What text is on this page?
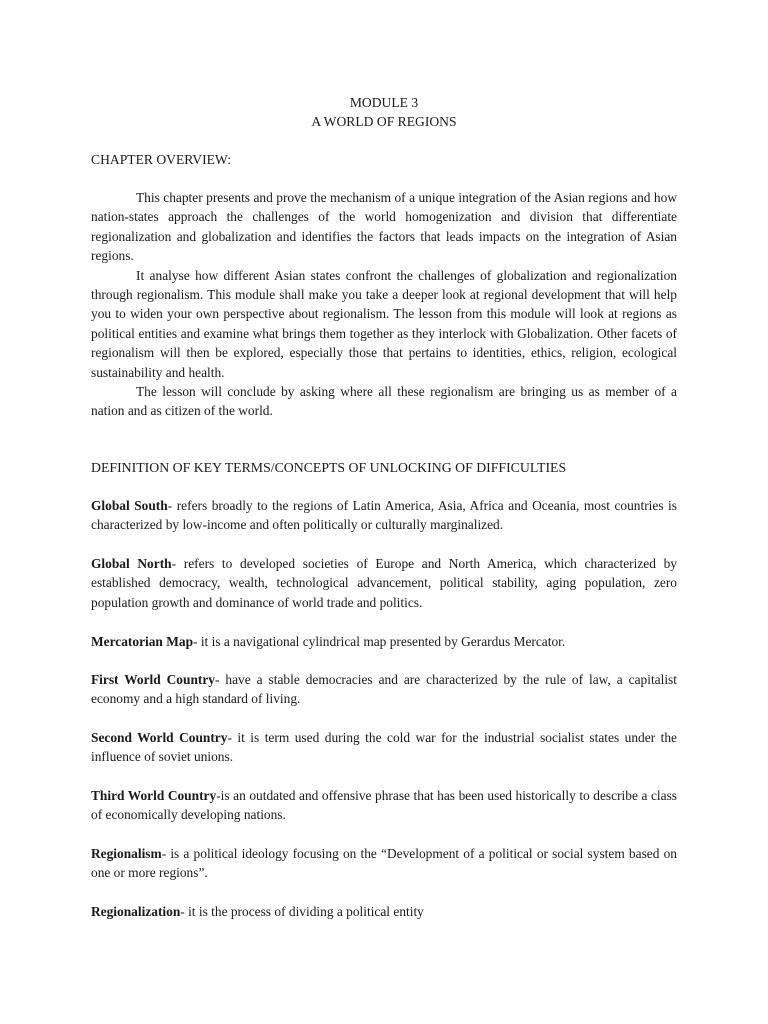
MODULE 3
A WORLD OF REGIONS
CHAPTER OVERVIEW:

This chapter presents and prove the mechanism of a unique integration of the Asian regions and how nation-states approach the challenges of the world homogenization and division that differentiate regionalization and globalization and identifies the factors that leads impacts on the integration of Asian regions.

It analyse how different Asian states confront the challenges of globalization and regionalization through regionalism. This module shall make you take a deeper look at regional development that will help you to widen your own perspective about regionalism. The lesson from this module will look at regions as political entities and examine what brings them together as they interlock with Globalization. Other facets of regionalism will then be explored, especially those that pertains to identities, ethics, religion, ecological sustainability and health.

The lesson will conclude by asking where all these regionalism are bringing us as member of a nation and as citizen of the world.

DEFINITION OF KEY TERMS/CONCEPTS OF UNLOCKING OF DIFFICULTIES

Global South- refers broadly to the regions of Latin America, Asia, Africa and Oceania, most countries is characterized by low-income and often politically or culturally marginalized.

Global North- refers to developed societies of Europe and North America, which characterized by established democracy, wealth, technological advancement, political stability, aging population, zero population growth and dominance of world trade and politics.

Mercatorian Map- it is a navigational cylindrical map presented by Gerardus Mercator.

First World Country- have a stable democracies and are characterized by the rule of law, a capitalist economy and a high standard of living.

Second World Country- it is term used during the cold war for the industrial socialist states under the influence of soviet unions.

Third World Country-is an outdated and offensive phrase that has been used historically to describe a class of economically developing nations.

Regionalism- is a political ideology focusing on the “Development of a political or social system based on one or more regions”.

Regionalization- it is the process of dividing a political entity
